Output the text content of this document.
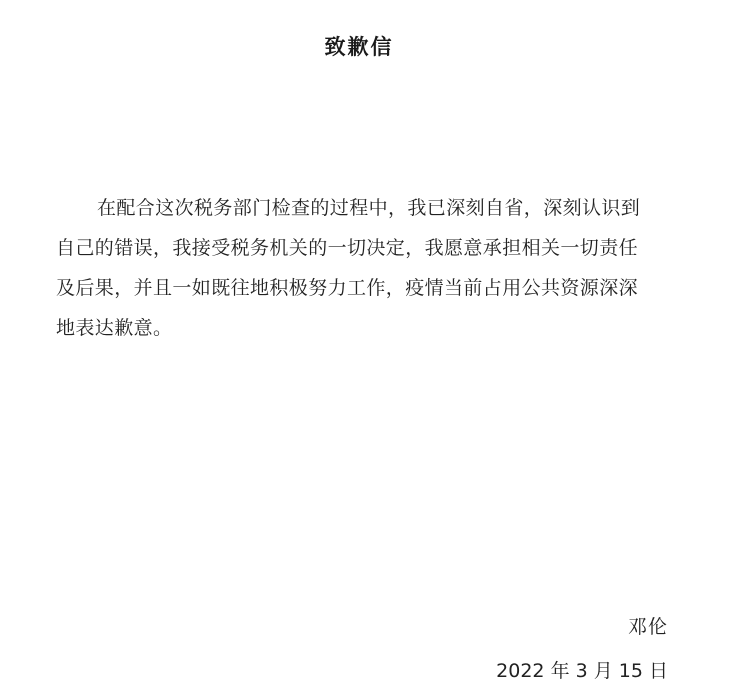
致歉信
在配合这次税务部门检查的过程中，我已深刻自省，深刻认识到
自己的错误，我接受税务机关的一切决定，我愿意承担相关一切责任
及后果，并且一如既往地积极努力工作，疫情当前占用公共资源深深
地表达歉意。
邓伦
2022 年 3 月 15 日
